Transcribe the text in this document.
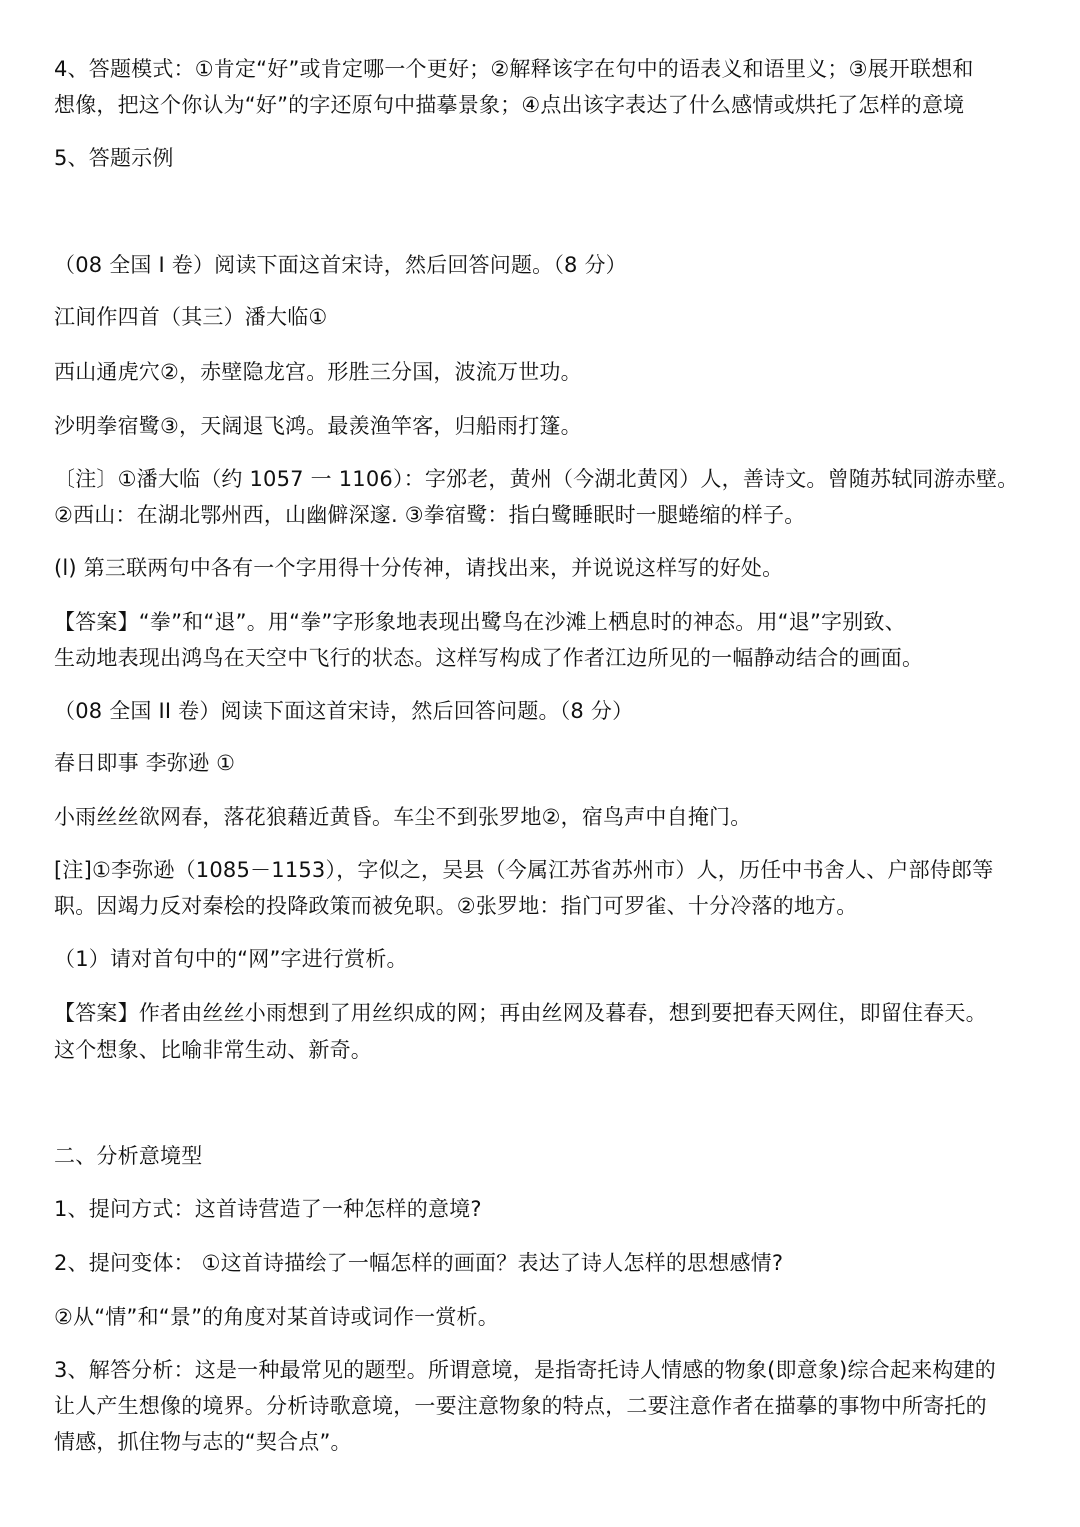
4、答题模式：①肯定“好”或肯定哪一个更好；②解释该字在句中的语表义和语里义；③展开联想和
想像，把这个你认为“好”的字还原句中描摹景象；④点出该字表达了什么感情或烘托了怎样的意境
5、答题示例
（08 全国 I 卷）阅读下面这首宋诗，然后回答问题。（8 分）
江间作四首（其三）潘大临①
西山通虎穴②，赤壁隐龙宫。形胜三分国，波流万世功。
沙明拳宿鹭③，天阔退飞鸿。最羡渔竿客，归船雨打篷。
〔注〕①潘大临（约 1057 一 1106）：字邠老，黄州（今湖北黄冈）人，善诗文。曾随苏轼同游赤壁。
②西山：在湖北鄂州西，山幽僻深邃. ③拳宿鹭：指白鹭睡眠时一腿蜷缩的样子。
(l) 第三联两句中各有一个字用得十分传神，请找出来，并说说这样写的好处。
【答案】“拳”和“退”。用“拳”字形象地表现出鹭鸟在沙滩上栖息时的神态。用“退”字别致、
生动地表现出鸿鸟在天空中飞行的状态。这样写构成了作者江边所见的一幅静动结合的画面。
（08 全国 II 卷）阅读下面这首宋诗，然后回答问题。（8 分）
春日即事 李弥逊 ①
小雨丝丝欲网春，落花狼藉近黄昏。车尘不到张罗地②，宿鸟声中自掩门。
[注]①李弥逊（1085－1153），字似之，吴县（今属江苏省苏州市）人，历任中书舍人、户部侍郎等
职。因竭力反对秦桧的投降政策而被免职。②张罗地：指门可罗雀、十分冷落的地方。
（1）请对首句中的“网”字进行赏析。
【答案】作者由丝丝小雨想到了用丝织成的网；再由丝网及暮春，想到要把春天网住，即留住春天。
这个想象、比喻非常生动、新奇。
二、分析意境型
1、提问方式：这首诗营造了一种怎样的意境?
2、提问变体： ①这首诗描绘了一幅怎样的画面？表达了诗人怎样的思想感情?
②从“情”和“景”的角度对某首诗或词作一赏析。
3、解答分析：这是一种最常见的题型。所谓意境，是指寄托诗人情感的物象(即意象)综合起来构建的
让人产生想像的境界。分析诗歌意境，一要注意物象的特点，二要注意作者在描摹的事物中所寄托的
情感，抓住物与志的“契合点”。
